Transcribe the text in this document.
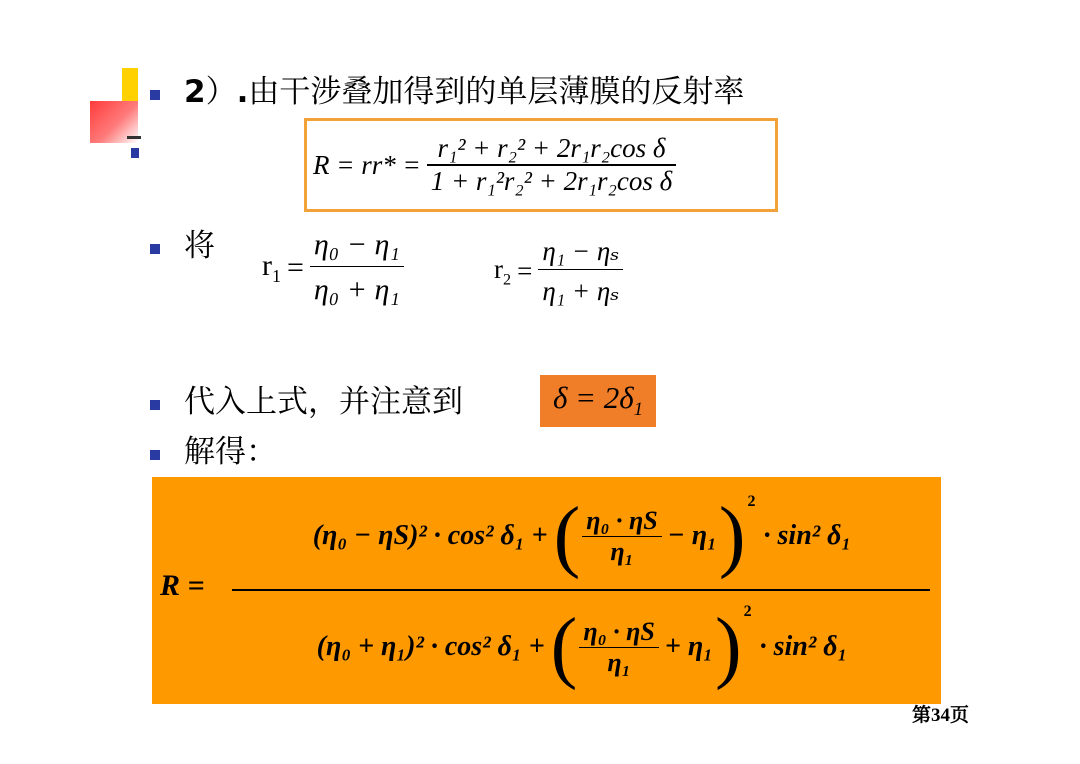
2）.由干涉叠加得到的单层薄膜的反射率
$R = rr* = \frac{\text{r₁² + r₂² + 2r₁r₂cos δ}}{\text{1 + r₁²r₂² + 2r₁r₂cos δ}}$
将
$r_1 = \frac{\text{η₀ − η₁}}{\text{η₀ + η₁}}$	$r_2 = \frac{\text{η₁ − ηₛ}}{\text{η₁ + ηₛ}}$
代入上式，并注意到	$\delta = 2\delta_1$
解得：
R =
(η₀ − ηS)² · cos² δ₁ + ( $\frac{\text{η₀ · ηS}}{\text{η₁}} - \eta_1$ ) 2
· sin² δ₁
(η₀ + η₁)² · cos² δ₁ + ( $\frac{\text{η₀ · ηS}}{\text{η₁}} + \eta_1$ ) 2
· sin² δ₁
第34页
